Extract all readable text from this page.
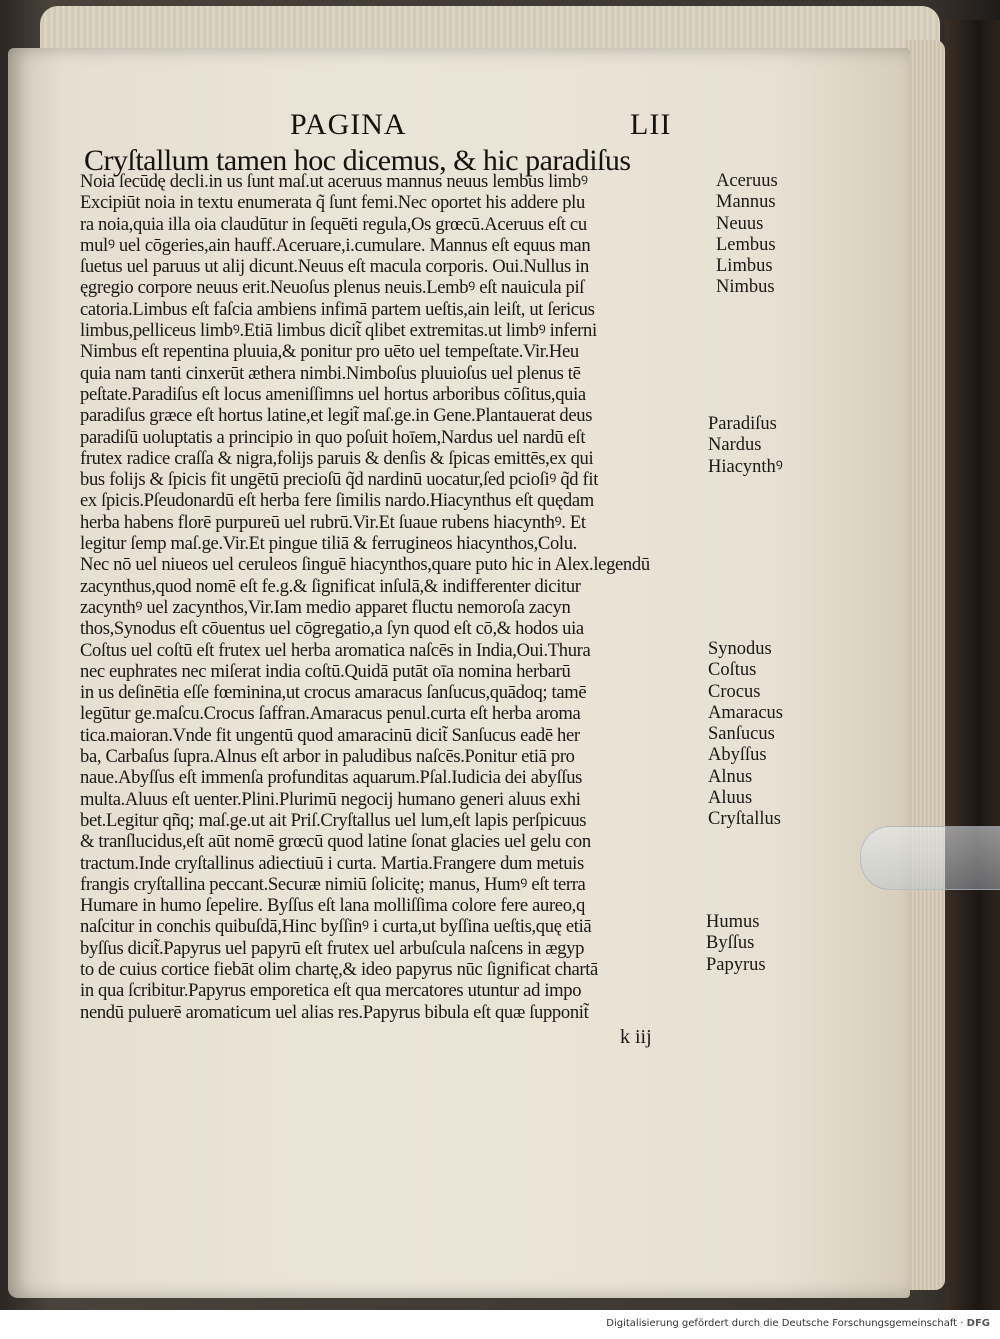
PAGINA	LII
Cryſtallum tamen hoc dicemus, & hic paradiſus
Noia ſecūdę decli.in us ſunt maſ.ut aceruus mannus neuus lembus limbꝰ
Excipiūt noia in textu enumerata q̃ ſunt femi.Nec oportet his addere plu
ra noia,quia illa oia claudūtur in ſequēti regula,Os grœcū.Aceruus eſt cu
mulꝰ uel cōgeries,ain hauff.Aceruare,i.cumulare. Mannus eſt equus man
ſuetus uel paruus ut alij dicunt.Neuus eſt macula corporis. Oui.Nullus in
ęgregio corpore neuus erit.Neuoſus plenus neuis.Lembꝰ eſt nauicula piſ
catoria.Limbus eſt faſcia ambiens infimā partem ueſtis,ain leiſt, ut ſericus
limbus,pelliceus limbꝰ.Etiā limbus dicit̃ qlibet extremitas.ut limbꝰ inferni
Nimbus eſt repentina pluuia,& ponitur pro uēto uel tempeſtate.Vir.Heu
quia nam tanti cinxerūt æthera nimbi.Nimboſus pluuioſus uel plenus tē
peſtate.Paradiſus eſt locus ameniſſimns uel hortus arboribus cōſitus,quia
paradiſus græce eſt hortus latine,et legit̃ maſ.ge.in Gene.Plantauerat deus
paradiſū uoluptatis a principio in quo poſuit hoīem,Nardus uel nardū eſt
frutex radice craſſa & nigra,folijs paruis & denſis & ſpicas emittēs,ex qui
bus folijs & ſpicis fit ungētū precioſū q̃d nardinū uocatur,ſed pcioſiꝰ q̃d fit
ex ſpicis.Pſeudonardū eſt herba fere ſimilis nardo.Hiacynthus eſt quędam
herba habens florē purpureū uel rubrū.Vir.Et ſuaue rubens hiacynthꝰ. Et
legitur ſemp maſ.ge.Vir.Et pingue tiliā & ferrugineos hiacynthos,Colu.
Nec nō uel niueos uel ceruleos ſinguē hiacynthos,quare puto hic in Alex.legendū
zacynthus,quod nomē eſt fe.g.& ſignificat inſulā,& indifferenter dicitur
zacynthꝰ uel zacynthos,Vir.Iam medio apparet fluctu nemoroſa zacyn
thos,Synodus eſt cōuentus uel cōgregatio,a ſyn quod eſt cō,& hodos uia
Coſtus uel coſtū eſt frutex uel herba aromatica naſcēs in India,Oui.Thura
nec euphrates nec miſerat india coſtū.Quidā putāt oīa nomina herbarū
in us deſinētia eſſe fœminina,ut crocus amaracus ſanſucus,quādoq; tamē
legūtur ge.maſcu.Crocus ſaffran.Amaracus penul.curta eſt herba aroma
tica.maioran.Vnde fit ungentū quod amaracinū dicit̃ Sanſucus eadē her
ba, Carbaſus ſupra.Alnus eſt arbor in paludibus naſcēs.Ponitur etiā pro
naue.Abyſſus eſt immenſa profunditas aquarum.Pſal.Iudicia dei abyſſus
multa.Aluus eſt uenter.Plini.Plurimū negocij humano generi aluus exhi
bet.Legitur qñq; maſ.ge.ut ait Priſ.Cryſtallus uel lum,eſt lapis perſpicuus
& tranſlucidus,eſt aūt nomē grœcū quod latine ſonat glacies uel gelu con
tractum.Inde cryſtallinus adiectiuū i curta. Martia.Frangere dum metuis
frangis cryſtallina peccant.Securæ nimiū ſolicitę; manus, Humꝰ eſt terra
Humare in humo ſepelire. Byſſus eſt lana molliſſima colore fere aureo,q
naſcitur in conchis quibuſdā,Hinc byſſinꝰ i curta,ut byſſina ueſtis,quę etiā
byſſus dicit̃.Papyrus uel papyrū eſt frutex uel arbuſcula naſcens in ægyp
to de cuius cortice fiebāt olim chartę,& ideo papyrus nūc ſignificat chartā
in qua ſcribitur.Papyrus emporetica eſt qua mercatores utuntur ad impo
nendū puluerē aromaticum uel alias res.Papyrus bibula eſt quæ ſupponit̃
Aceruus
Mannus
Neuus
Lembus
Limbus
Nimbus
Paradiſus
Nardus
Hiacynthꝰ
Synodus
Coſtus
Crocus
Amaracus
Sanſucus
Abyſſus
Alnus
Aluus
Cryſtallus
Humus
Byſſus
Papyrus
k iij
Digitalisierung gefördert durch die Deutsche Forschungsgemeinschaft · DFG
